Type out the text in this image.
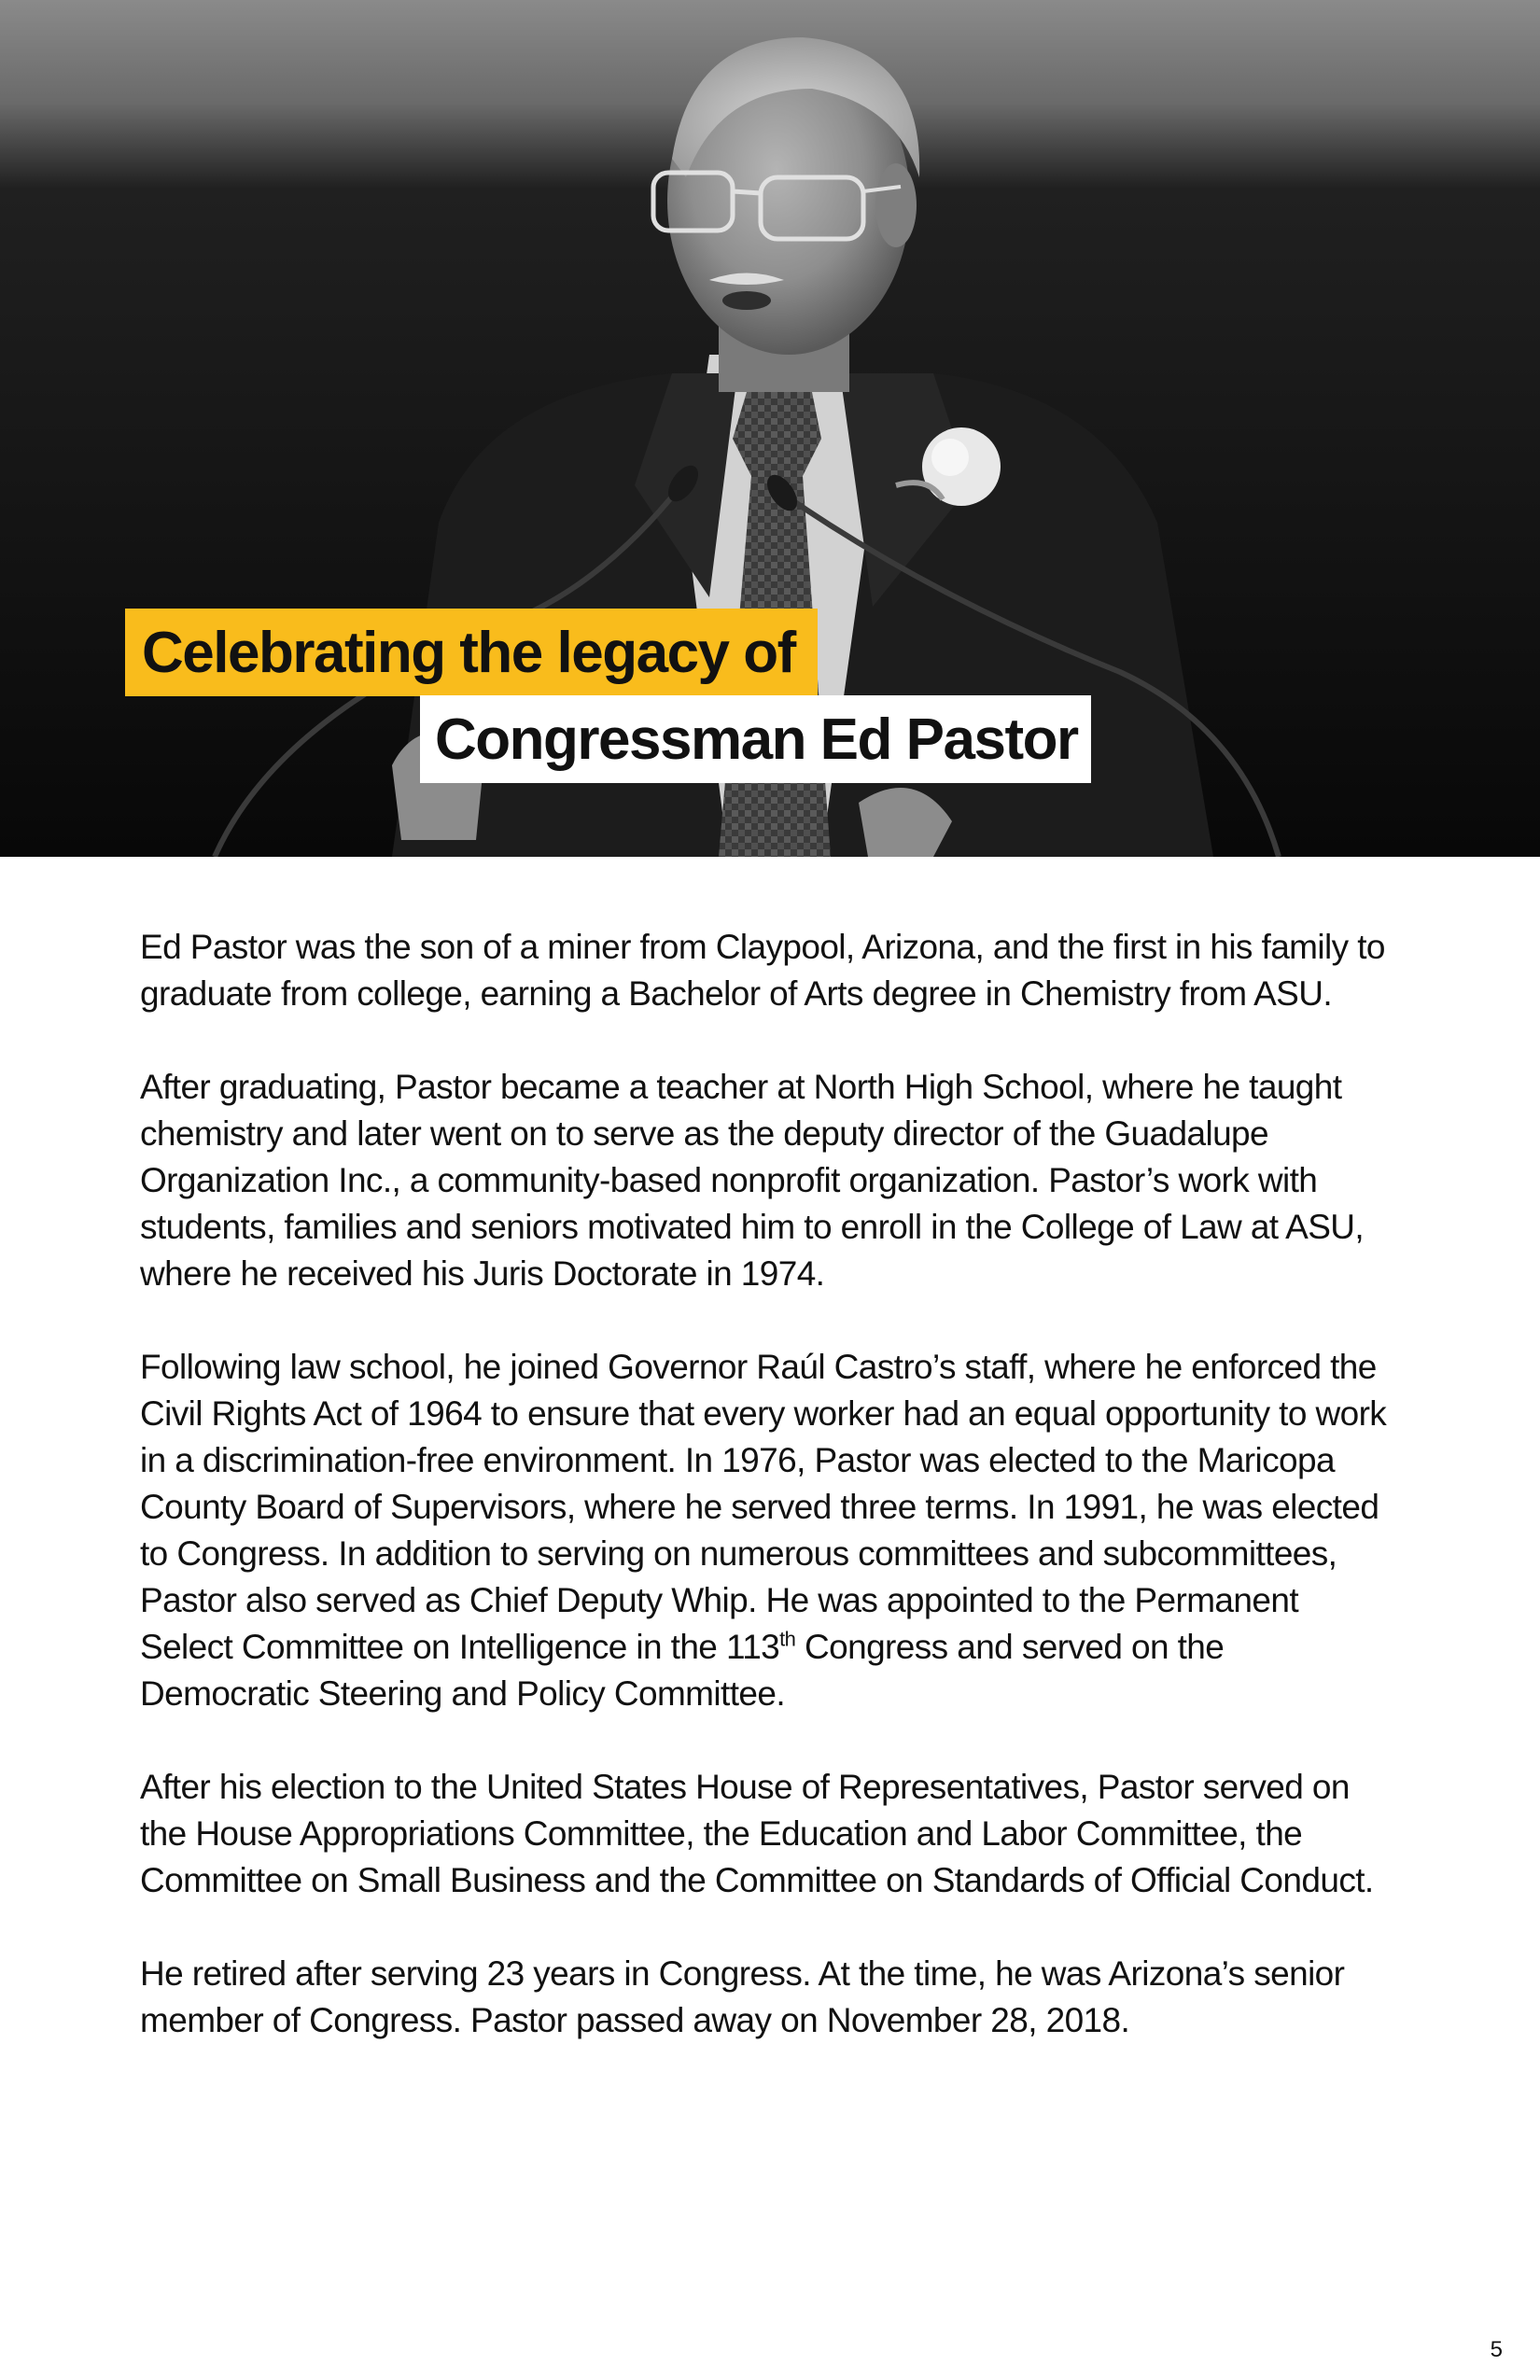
Celebrating the legacy of
Congressman Ed Pastor

Ed Pastor was the son of a miner from Claypool, Arizona, and the first in his family to graduate from college, earning a Bachelor of Arts degree in Chemistry from ASU.

After graduating, Pastor became a teacher at North High School, where he taught chemistry and later went on to serve as the deputy director of the Guadalupe Organization Inc., a community-based nonprofit organization. Pastor’s work with students, families and seniors motivated him to enroll in the College of Law at ASU, where he received his Juris Doctorate in 1974.

Following law school, he joined Governor Raúl Castro’s staff, where he enforced the Civil Rights Act of 1964 to ensure that every worker had an equal opportunity to work in a discrimination-free environment. In 1976, Pastor was elected to the Maricopa County Board of Supervisors, where he served three terms. In 1991, he was elected to Congress. In addition to serving on numerous committees and subcommittees, Pastor also served as Chief Deputy Whip. He was appointed to the Permanent Select Committee on Intelligence in the 113th Congress and served on the Democratic Steering and Policy Committee.

After his election to the United States House of Representatives, Pastor served on the House Appropriations Committee, the Education and Labor Committee, the Committee on Small Business and the Committee on Standards of Official Conduct.

He retired after serving 23 years in Congress. At the time, he was Arizona’s senior member of Congress. Pastor passed away on November 28, 2018.

5
